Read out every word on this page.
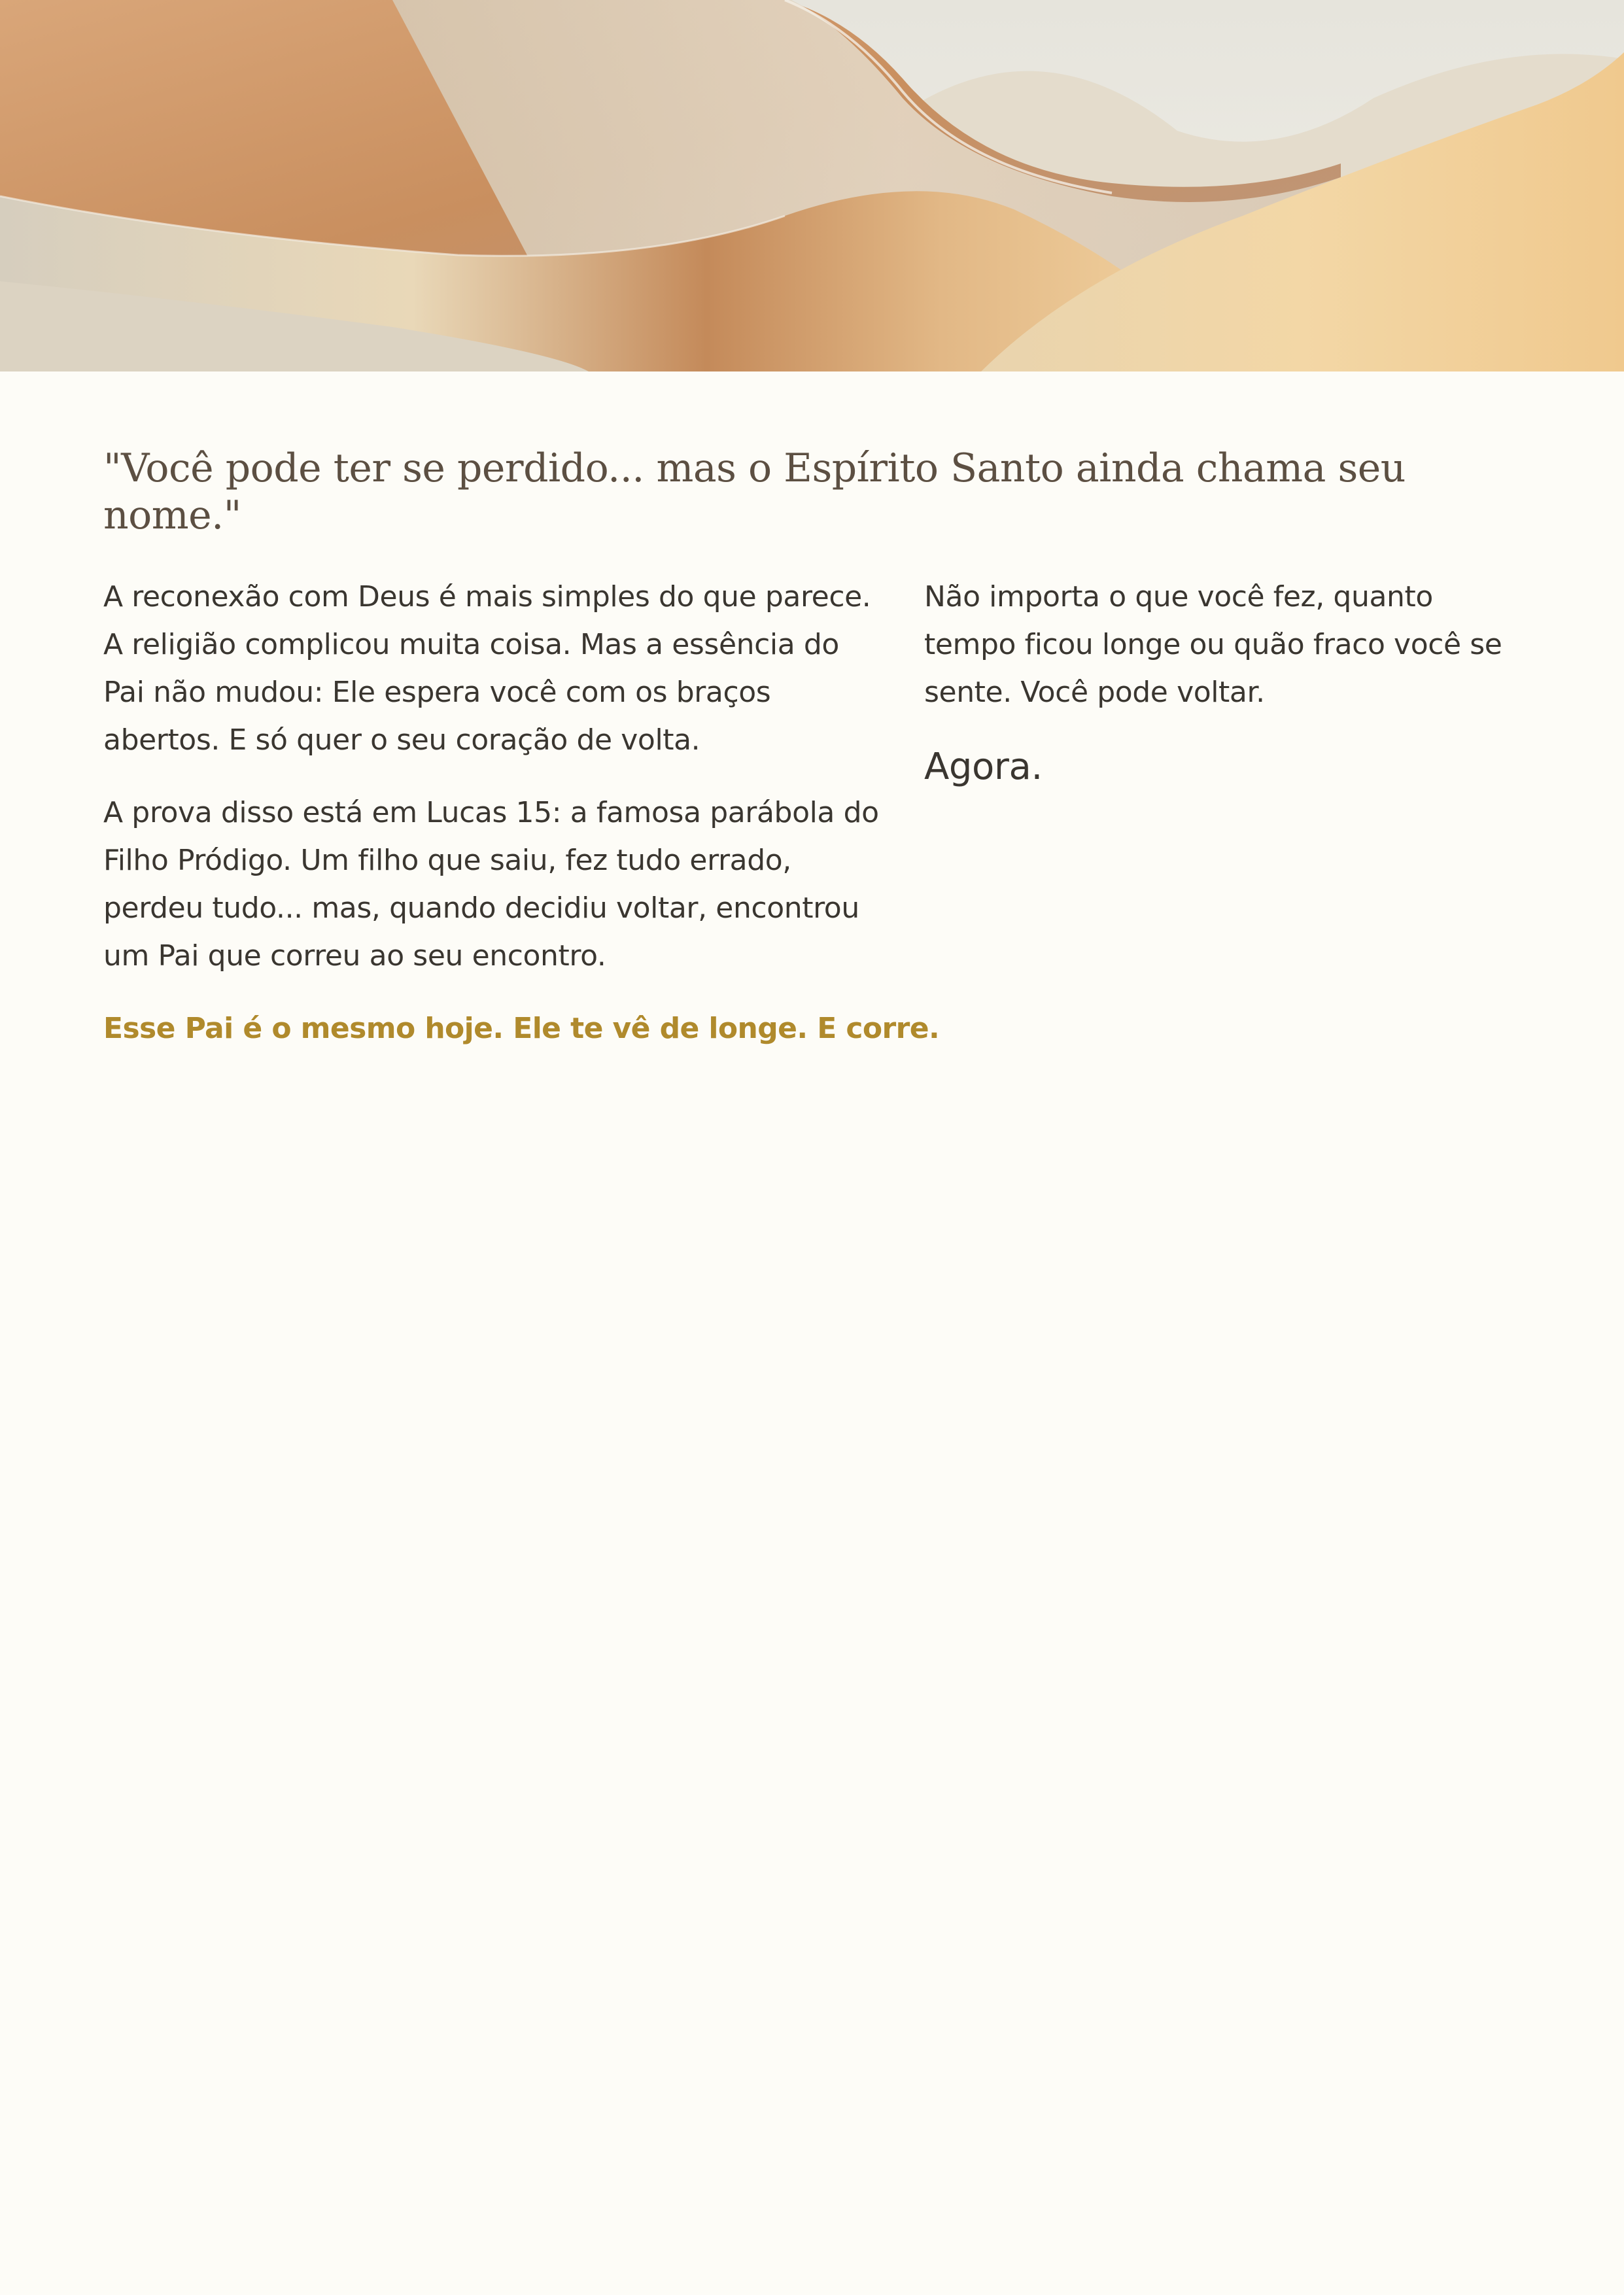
"Você pode ter se perdido... mas o Espírito Santo ainda chama seu nome."

A reconexão com Deus é mais simples do que parece. A religião complicou muita coisa. Mas a essência do Pai não mudou: Ele espera você com os braços abertos. E só quer o seu coração de volta.

A prova disso está em Lucas 15: a famosa parábola do Filho Pródigo. Um filho que saiu, fez tudo errado, perdeu tudo... mas, quando decidiu voltar, encontrou um Pai que correu ao seu encontro.

Esse Pai é o mesmo hoje. Ele te vê de longe. E corre.

Não importa o que você fez, quanto tempo ficou longe ou quão fraco você se sente. Você pode voltar.

Agora.
